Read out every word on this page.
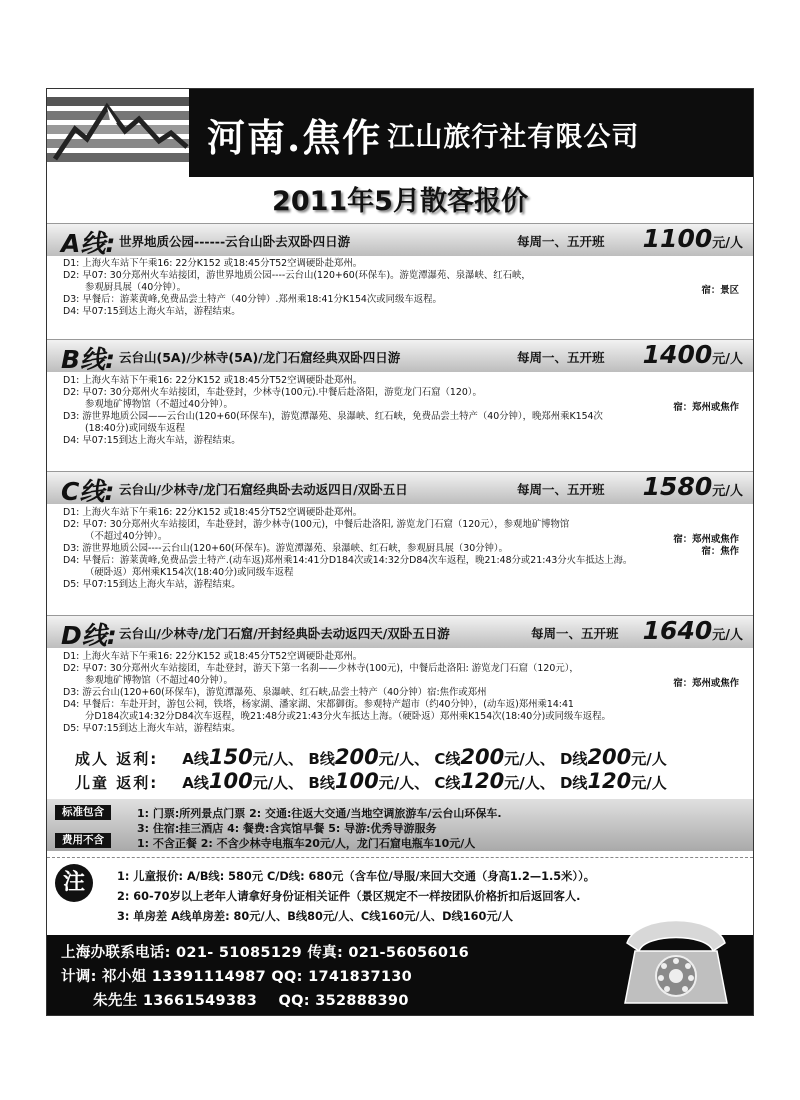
河南.焦作 江山旅行社有限公司
2011年5月散客报价
A线: 世界地质公园------云台山卧去双卧四日游	每周一、五开班 1100元/人
D1: 上海火车站下午乘16: 22分K152 或18:45分T52空调硬卧赴郑州。
D2: 早07: 30分郑州火车站接团，游世界地质公园----云台山(120+60(环保车)。游览潭瀑苑、泉瀑峡、红石峡，
参观厨具展（40分钟）。	宿：景区
D3: 早餐后：游莱黄峰,免费品尝土特产（40分钟）.郑州乘18:41分K154次或同级车返程。
D4: 早07:15到达上海火车站，游程结束。
B线: 云台山(5A)/少林寺(5A)/龙门石窟经典双卧四日游	每周一、五开班 1400元/人
D1: 上海火车站下午乘16: 22分K152 或18:45分T52空调硬卧赴郑州。
D2: 早07: 30分郑州火车站接团，车赴登封，少林寺(100元).中餐后赴洛阳，游览龙门石窟（120）。
参观地矿博物馆（不超过40分钟）。	宿：郑州或焦作
D3: 游世界地质公园——云台山(120+60(环保车)，游览潭瀑苑、泉瀑峡、红石峡，免费品尝土特产（40分钟），晚郑州乘K154次
(18:40分)或同级车返程
D4: 早07:15到达上海火车站，游程结束。
C线: 云台山/少林寺/龙门石窟经典卧去动返四日/双卧五日	每周一、五开班 1580元/人
D1: 上海火车站下午乘16: 22分K152 或18:45分T52空调硬卧赴郑州。
D2: 早07: 30分郑州火车站接团，车赴登封，游少林寺(100元)，中餐后赴洛阳, 游览龙门石窟（120元），参观地矿博物馆
（不超过40分钟）。	宿：郑州或焦作
D3: 游世界地质公园----云台山(120+60(环保车)。游览潭瀑苑、泉瀑峡、红石峡，参观厨具展（30分钟）。	宿：焦作
D4: 早餐后：游莱黄峰,免费品尝土特产.(动车返)郑州乘14:41分D184次或14:32分D84次车返程，晚21:48分或21:43分火车抵达上海。
（硬卧返）郑州乘K154次(18:40分)或同级车返程
D5: 早07:15到达上海火车站，游程结束。
D线: 云台山/少林寺/龙门石窟/开封经典卧去动返四天/双卧五日游	每周一、五开班 1640元/人
D1: 上海火车站下午乘16: 22分K152 或18:45分T52空调硬卧赴郑州。
D2: 早07: 30分郑州火车站接团，车赴登封，游天下第一名刹——少林寺(100元)，中餐后赴洛阳: 游览龙门石窟（120元），
参观地矿博物馆（不超过40分钟）。	宿：郑州或焦作
D3: 游云台山(120+60(环保车)，游览潭瀑苑、泉瀑峡、红石峡,品尝土特产（40分钟）宿:焦作或郑州
D4: 早餐后：车赴开封，游包公祠，铁塔，杨家湖、潘家湖、宋都御街。参观特产超市（约40分钟），(动车返)郑州乘14:41
分D184次或14:32分D84次车返程，晚21:48分或21:43分火车抵达上海。（硬卧返）郑州乘K154次(18:40分)或同级车返程。
D5: 早07:15到达上海火车站，游程结束。
成人 返利: A线150元/人、 B线200元/人、 C线200元/人、 D线200元/人
儿童 返利: A线100元/人、 B线100元/人、 C线120元/人、 D线120元/人
标准包含
费用不含
1: 门票:所列景点门票 2: 交通:往返大交通/当地空调旅游车/云台山环保车.
3: 住宿:挂三酒店 4: 餐费:含宾馆早餐 5: 导游:优秀导游服务
1: 不含正餐 2: 不含少林寺电瓶车20元/人，龙门石窟电瓶车10元/人
注	1: 儿童报价: A/B线: 580元 C/D线: 680元（含车位/导服/来回大交通（身高1.2—1.5米））。
2: 60-70岁以上老年人请拿好身份证相关证件（景区规定不一样按团队价格折扣后返回客人.
3: 单房差 A线单房差: 80元/人、B线80元/人、C线160元/人、D线160元/人
上海办联系电话: 021- 51085129 传真: 021-56056016
计调: 祁小姐 13391114987 QQ: 1741837130
朱先生 13661549383    QQ: 352888390
